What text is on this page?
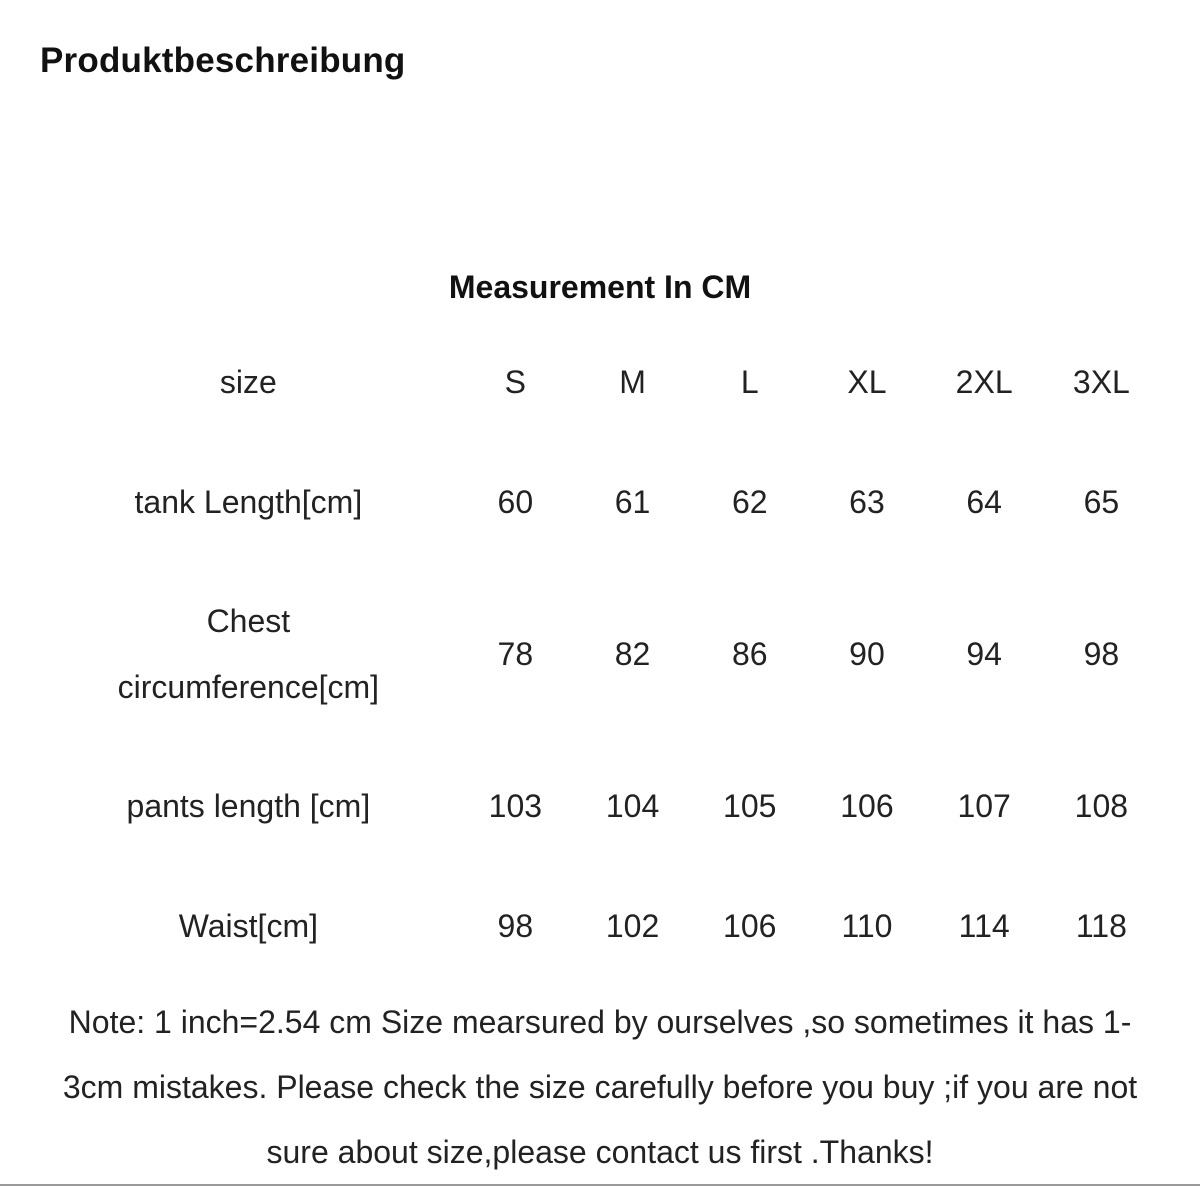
Produktbeschreibung
Measurement In CM
size	S	M	L	XL	2XL	3XL
tank Length[cm]	60	61	62	63	64	65

Chest circumference[cm]	78	82	86	90	94	98
pants length [cm]	103	104	105	106	107	108
Waist[cm]	98	102	106	110	114	118

Note: 1 inch=2.54 cm Size mearsured by ourselves ,so sometimes it has 1-3cm mistakes. Please check the size carefully before you buy ;if you are not sure about size,please contact us first .Thanks!
